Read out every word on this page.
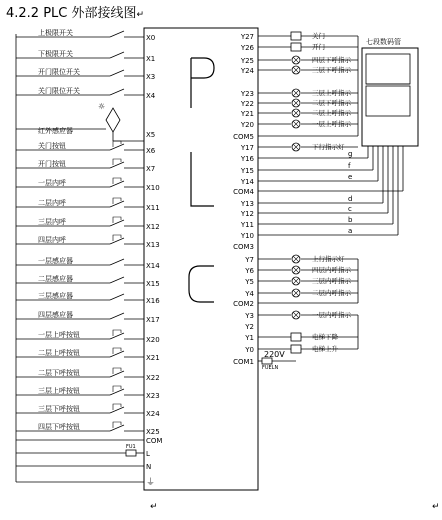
4.2.2 PLC 外部接线图↵
上极限开关
X0
下极限开关
X1
开门限位开关
X3
关门限位开关
X4
☼
X5
红外感应器
关门按钮
X6
开门按钮
X7
一层内呼
X10
二层内呼
X11
三层内呼
X12
四层内呼
X13
一层感应器
X14
二层感应器
X15
三层感应器
X16
四层感应器
X17
一层上呼按钮
X20
二层上呼按钮
X21
二层下呼按钮
X22
三层上呼按钮
X23
三层下呼按钮
X24
四层下呼按钮
X25
COM
L
N
⏚
FU1
Y27	关门
Y26	开门
Y25	四层下呼指示
Y24	三层下呼指示
Y23	三层上呼指示
Y22	二层下呼指示
Y21	二层上呼指示
Y20	一层上呼指示
COM5
Y17	下行指示灯
Y7	上行指示灯
Y6	四层内呼指示
Y5	三层内呼指示
Y4	二层内呼指示
COM2
Y3	一层内呼指示
Y2
Y1	电梯下降
Y0	电梯上升
COM1
七段数码管
Y16
g
Y15
f
Y14
e
COM4
Y13
d
Y12
c
Y11
b
Y10
a
COM3
220V
FUELN
↵	↵
